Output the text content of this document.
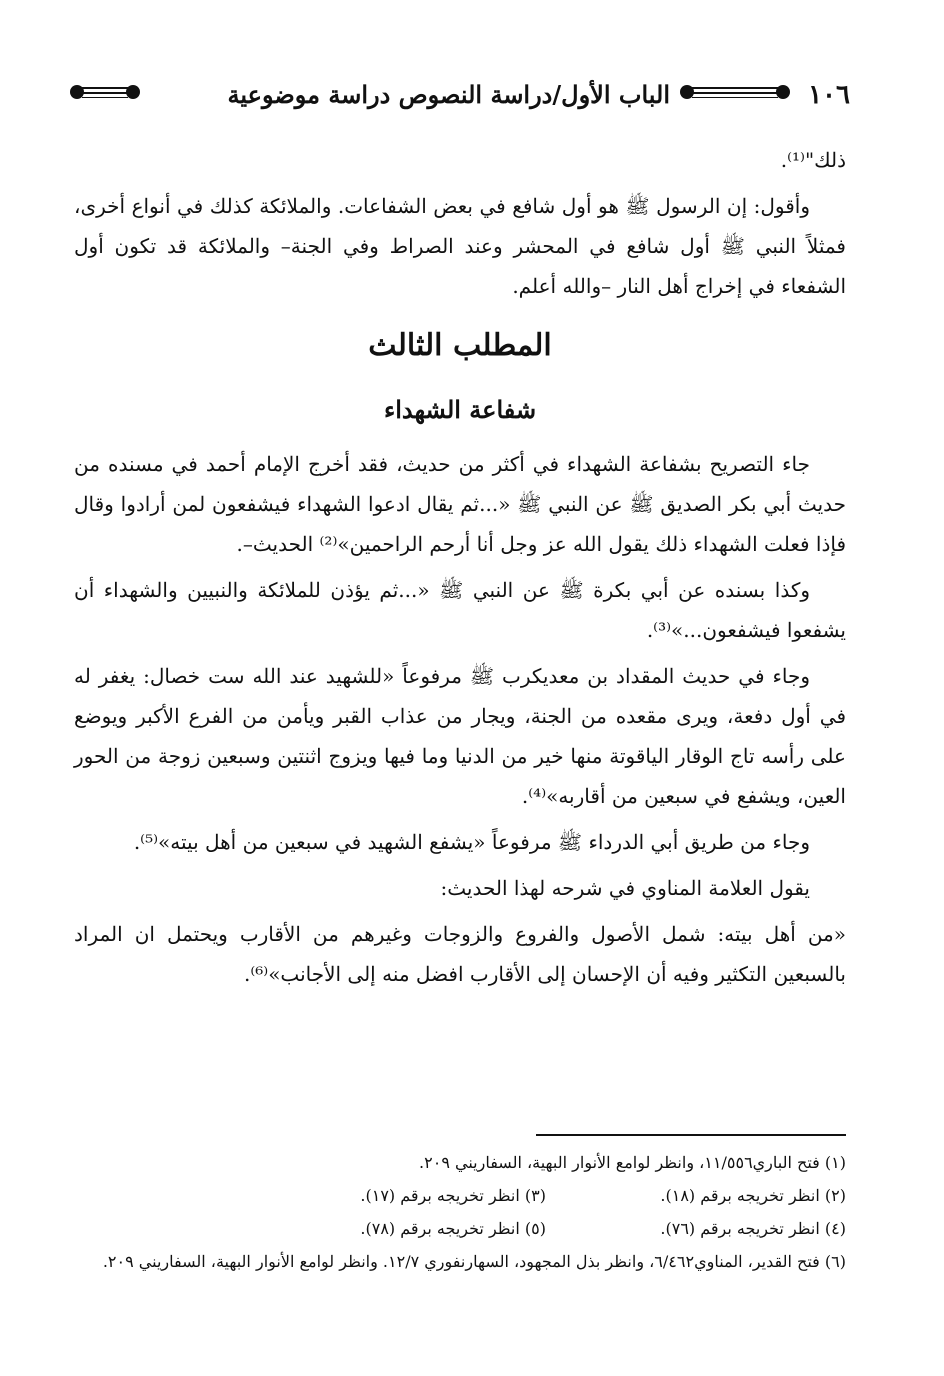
١٠٦
الباب الأول/دراسة النصوص دراسة موضوعية

ذلك"⁽¹⁾.

وأقول: إن الرسول ﷺ هو أول شافع في بعض الشفاعات. والملائكة كذلك في أنواع أخرى، فمثلاً النبي ﷺ أول شافع في المحشر وعند الصراط وفي الجنة– والملائكة قد تكون أول الشفعاء في إخراج أهل النار –والله أعلم.

المطلب الثالث

شفاعة الشهداء

جاء التصريح بشفاعة الشهداء في أكثر من حديث، فقد أخرج الإمام أحمد في مسنده من حديث أبي بكر الصديق ﷺ عن النبي ﷺ «...ثم يقال ادعوا الشهداء فيشفعون لمن أرادوا وقال فإذا فعلت الشهداء ذلك يقول الله عز وجل أنا أرحم الراحمين»⁽²⁾ الحديث–.

وكذا بسنده عن أبي بكرة ﷺ عن النبي ﷺ «...ثم يؤذن للملائكة والنبيين والشهداء أن يشفعوا فيشفعون...»⁽³⁾.

وجاء في حديث المقداد بن معديكرب ﷺ مرفوعاً «للشهيد عند الله ست خصال: يغفر له في أول دفعة، ويرى مقعده من الجنة، ويجار من عذاب القبر ويأمن من الفرع الأكبر ويوضع على رأسه تاج الوقار الياقوتة منها خير من الدنيا وما فيها ويزوج اثنتين وسبعين زوجة من الحور العين، ويشفع في سبعين من أقاربه»⁽⁴⁾.

وجاء من طريق أبي الدرداء ﷺ مرفوعاً «يشفع الشهيد في سبعين من أهل بيته»⁽⁵⁾.

يقول العلامة المناوي في شرحه لهذا الحديث:

«من أهل بيته: شمل الأصول والفروع والزوجات وغيرهم من الأقارب ويحتمل ان المراد بالسبعين التكثير وفيه أن الإحسان إلى الأقارب افضل منه إلى الأجانب»⁽⁶⁾.

(١) فتح الباري١١/٥٥٦، وانظر لوامع الأنوار البهية، السفاريني ٢٠٩.
(٢) انظر تخريجه برقم (١٨).
(٣) انظر تخريجه برقم (١٧).
(٤) انظر تخريجه برقم (٧٦).
(٥) انظر تخريجه برقم (٧٨).
(٦) فتح القدير، المناوي٦/٤٦٢، وانظر بذل المجهود، السهارنفوري ١٢/٧. وانظر لوامع الأنوار البهية، السفاريني ٢٠٩.
